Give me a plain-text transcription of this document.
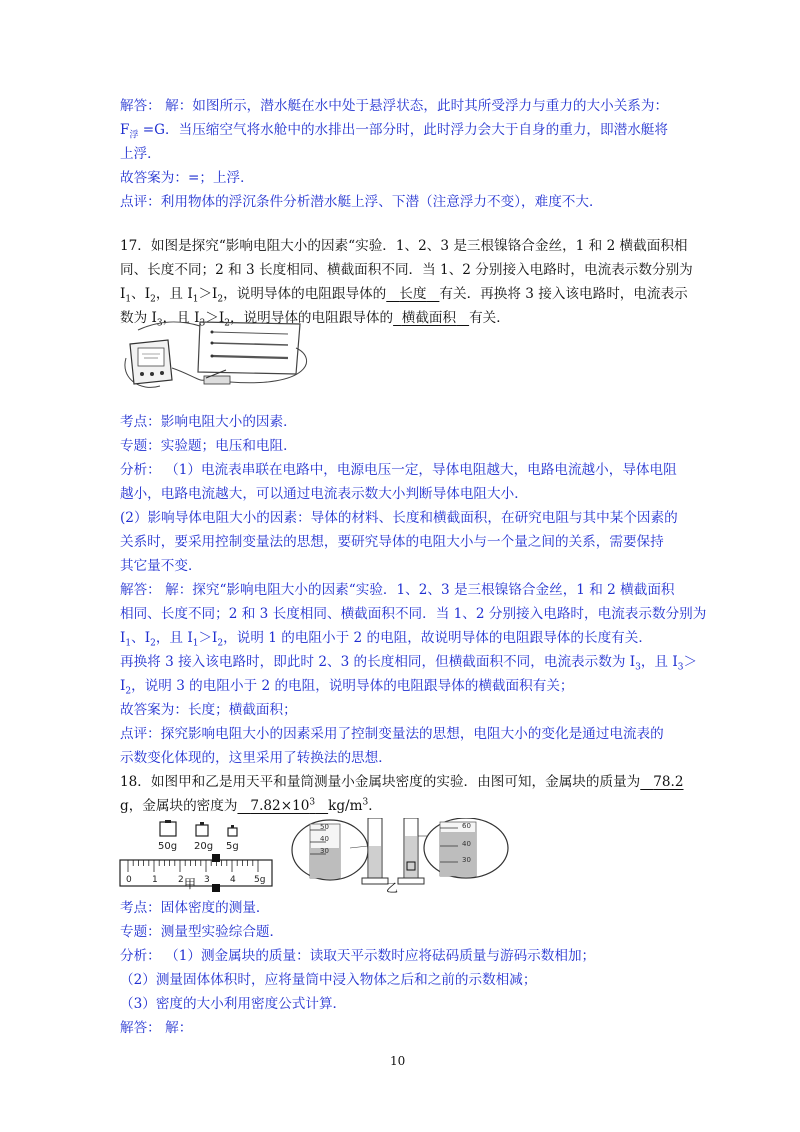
解答： 解：如图所示，潜水艇在水中处于悬浮状态，此时其所受浮力与重力的大小关系为：
$F_浮 =G$．当压缩空气将水舱中的水排出一部分时，此时浮力会大于自身的重力，即潜水艇将
上浮．
故答案为：=；上浮．
点评：利用物体的浮沉条件分析潜水艇上浮、下潜（注意浮力不变），难度不大．
17．如图是探究“影响电阻大小的因素“实验．1、2、3 是三根镍铬合金丝，1 和 2 横截面积相
同、长度不同；2 和 3 长度相同、横截面积不同．当 1、2 分别接入电路时，电流表示数分别为
$I_1$、$I_2$，且 $I_1>I_2$，说明导体的电阻跟导体的 长度 有关．再换将 3 接入该电路时，电流表示
数为 $I_3$，且 $I_3>I_2$，说明导体的电阻跟导体的 横截面积 有关．
考点：影响电阻大小的因素．
专题：实验题；电压和电阻．
分析： （1）电流表串联在电路中，电源电压一定，导体电阻越大，电路电流越小，导体电阻
越小，电路电流越大，可以通过电流表示数大小判断导体电阻大小．
(2）影响导体电阻大小的因素：导体的材料、长度和横截面积，在研究电阻与其中某个因素的
关系时，要采用控制变量法的思想，要研究导体的电阻大小与一个量之间的关系，需要保持
其它量不变．
解答： 解：探究“影响电阻大小的因素“实验．1、2、3 是三根镍铬合金丝，1 和 2 横截面积
相同、长度不同；2 和 3 长度相同、横截面积不同．当 1、2 分别接入电路时，电流表示数分别为
$I_1$、$I_2$，且 $I_1>I_2$，说明 1 的电阻小于 2 的电阻，故说明导体的电阻跟导体的长度有关．
再换将 3 接入该电路时，即此时 2、3 的长度相同，但横截面积不同，电流表示数为 $I_3$，且 $I_3>$
$I_2$，说明 3 的电阻小于 2 的电阻，说明导体的电阻跟导体的横截面积有关；
故答案为：长度；横截面积；
点评：探究影响电阻大小的因素采用了控制变量法的思想，电阻大小的变化是通过电流表的
示数变化体现的，这里采用了转换法的思想．
18．如图甲和乙是用天平和量筒测量小金属块密度的实验．由图可知，金属块的质量为 78.2
g，金属块的密度为 $7.82\times 10^3$ $kg/m^3$．
50g 20g 5g
0 1 2 3 4 5g
甲
50
40
30
60
40
30
乙
考点：固体密度的测量．
专题：测量型实验综合题．
分析： （1）测金属块的质量：读取天平示数时应将砝码质量与游码示数相加；
（2）测量固体体积时，应将量筒中浸入物体之后和之前的示数相减；
（3）密度的大小利用密度公式计算．
解答： 解：
10
